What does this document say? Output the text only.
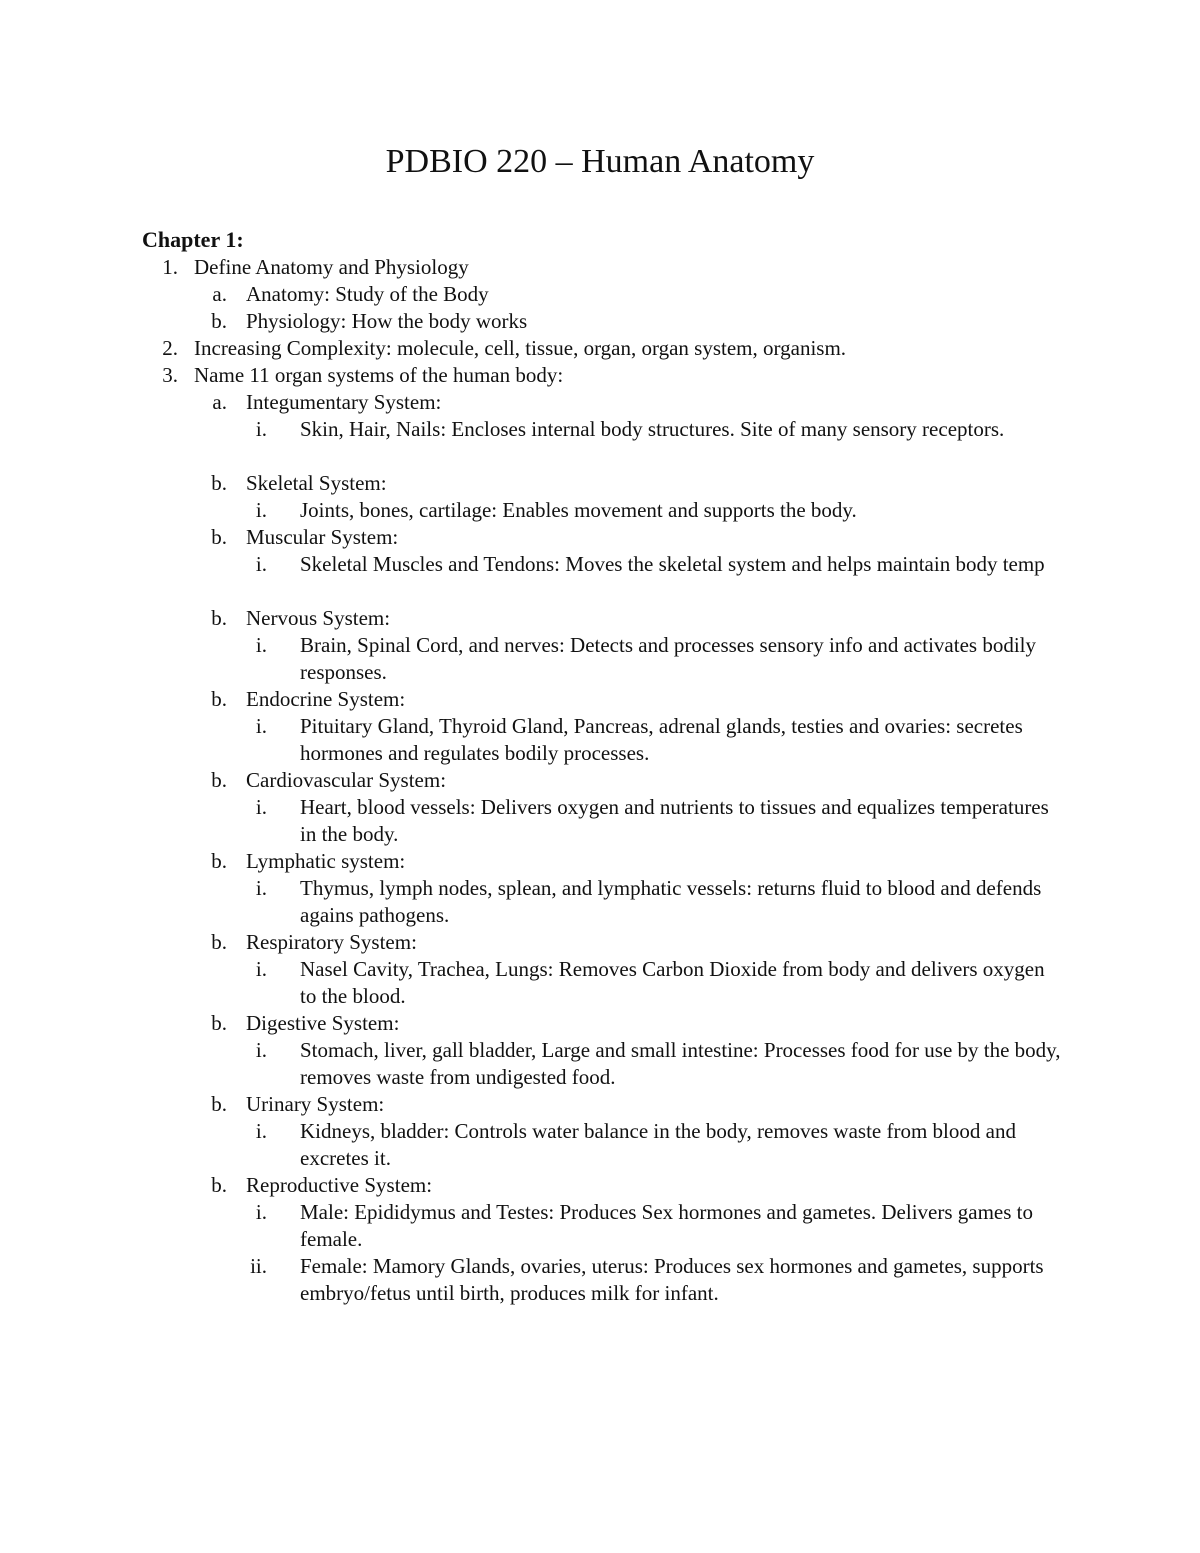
PDBIO 220 – Human Anatomy
Chapter 1:
1. Define Anatomy and Physiology
a. Anatomy: Study of the Body
b. Physiology: How the body works
2. Increasing Complexity: molecule, cell, tissue, organ, organ system, organism.
3. Name 11 organ systems of the human body:
a. Integumentary System:
i. Skin, Hair, Nails: Encloses internal body structures. Site of many sensory receptors.
b. Skeletal System:
i. Joints, bones, cartilage: Enables movement and supports the body.
b. Muscular System:
i. Skeletal Muscles and Tendons: Moves the skeletal system and helps maintain body temp
b. Nervous System:
i. Brain, Spinal Cord, and nerves: Detects and processes sensory info and activates bodily responses.
b. Endocrine System:
i. Pituitary Gland, Thyroid Gland, Pancreas, adrenal glands, testies and ovaries: secretes hormones and regulates bodily processes.
b. Cardiovascular System:
i. Heart, blood vessels: Delivers oxygen and nutrients to tissues and equalizes temperatures in the body.
b. Lymphatic system:
i. Thymus, lymph nodes, splean, and lymphatic vessels: returns fluid to blood and defends agains pathogens.
b. Respiratory System:
i. Nasel Cavity, Trachea, Lungs: Removes Carbon Dioxide from body and delivers oxygen to the blood.
b. Digestive System:
i. Stomach, liver, gall bladder, Large and small intestine: Processes food for use by the body, removes waste from undigested food.
b. Urinary System:
i. Kidneys, bladder: Controls water balance in the body, removes waste from blood and excretes it.
b. Reproductive System:
i. Male: Epididymus and Testes: Produces Sex hormones and gametes. Delivers games to female.
ii. Female: Mamory Glands, ovaries, uterus: Produces sex hormones and gametes, supports embryo/fetus until birth, produces milk for infant.
